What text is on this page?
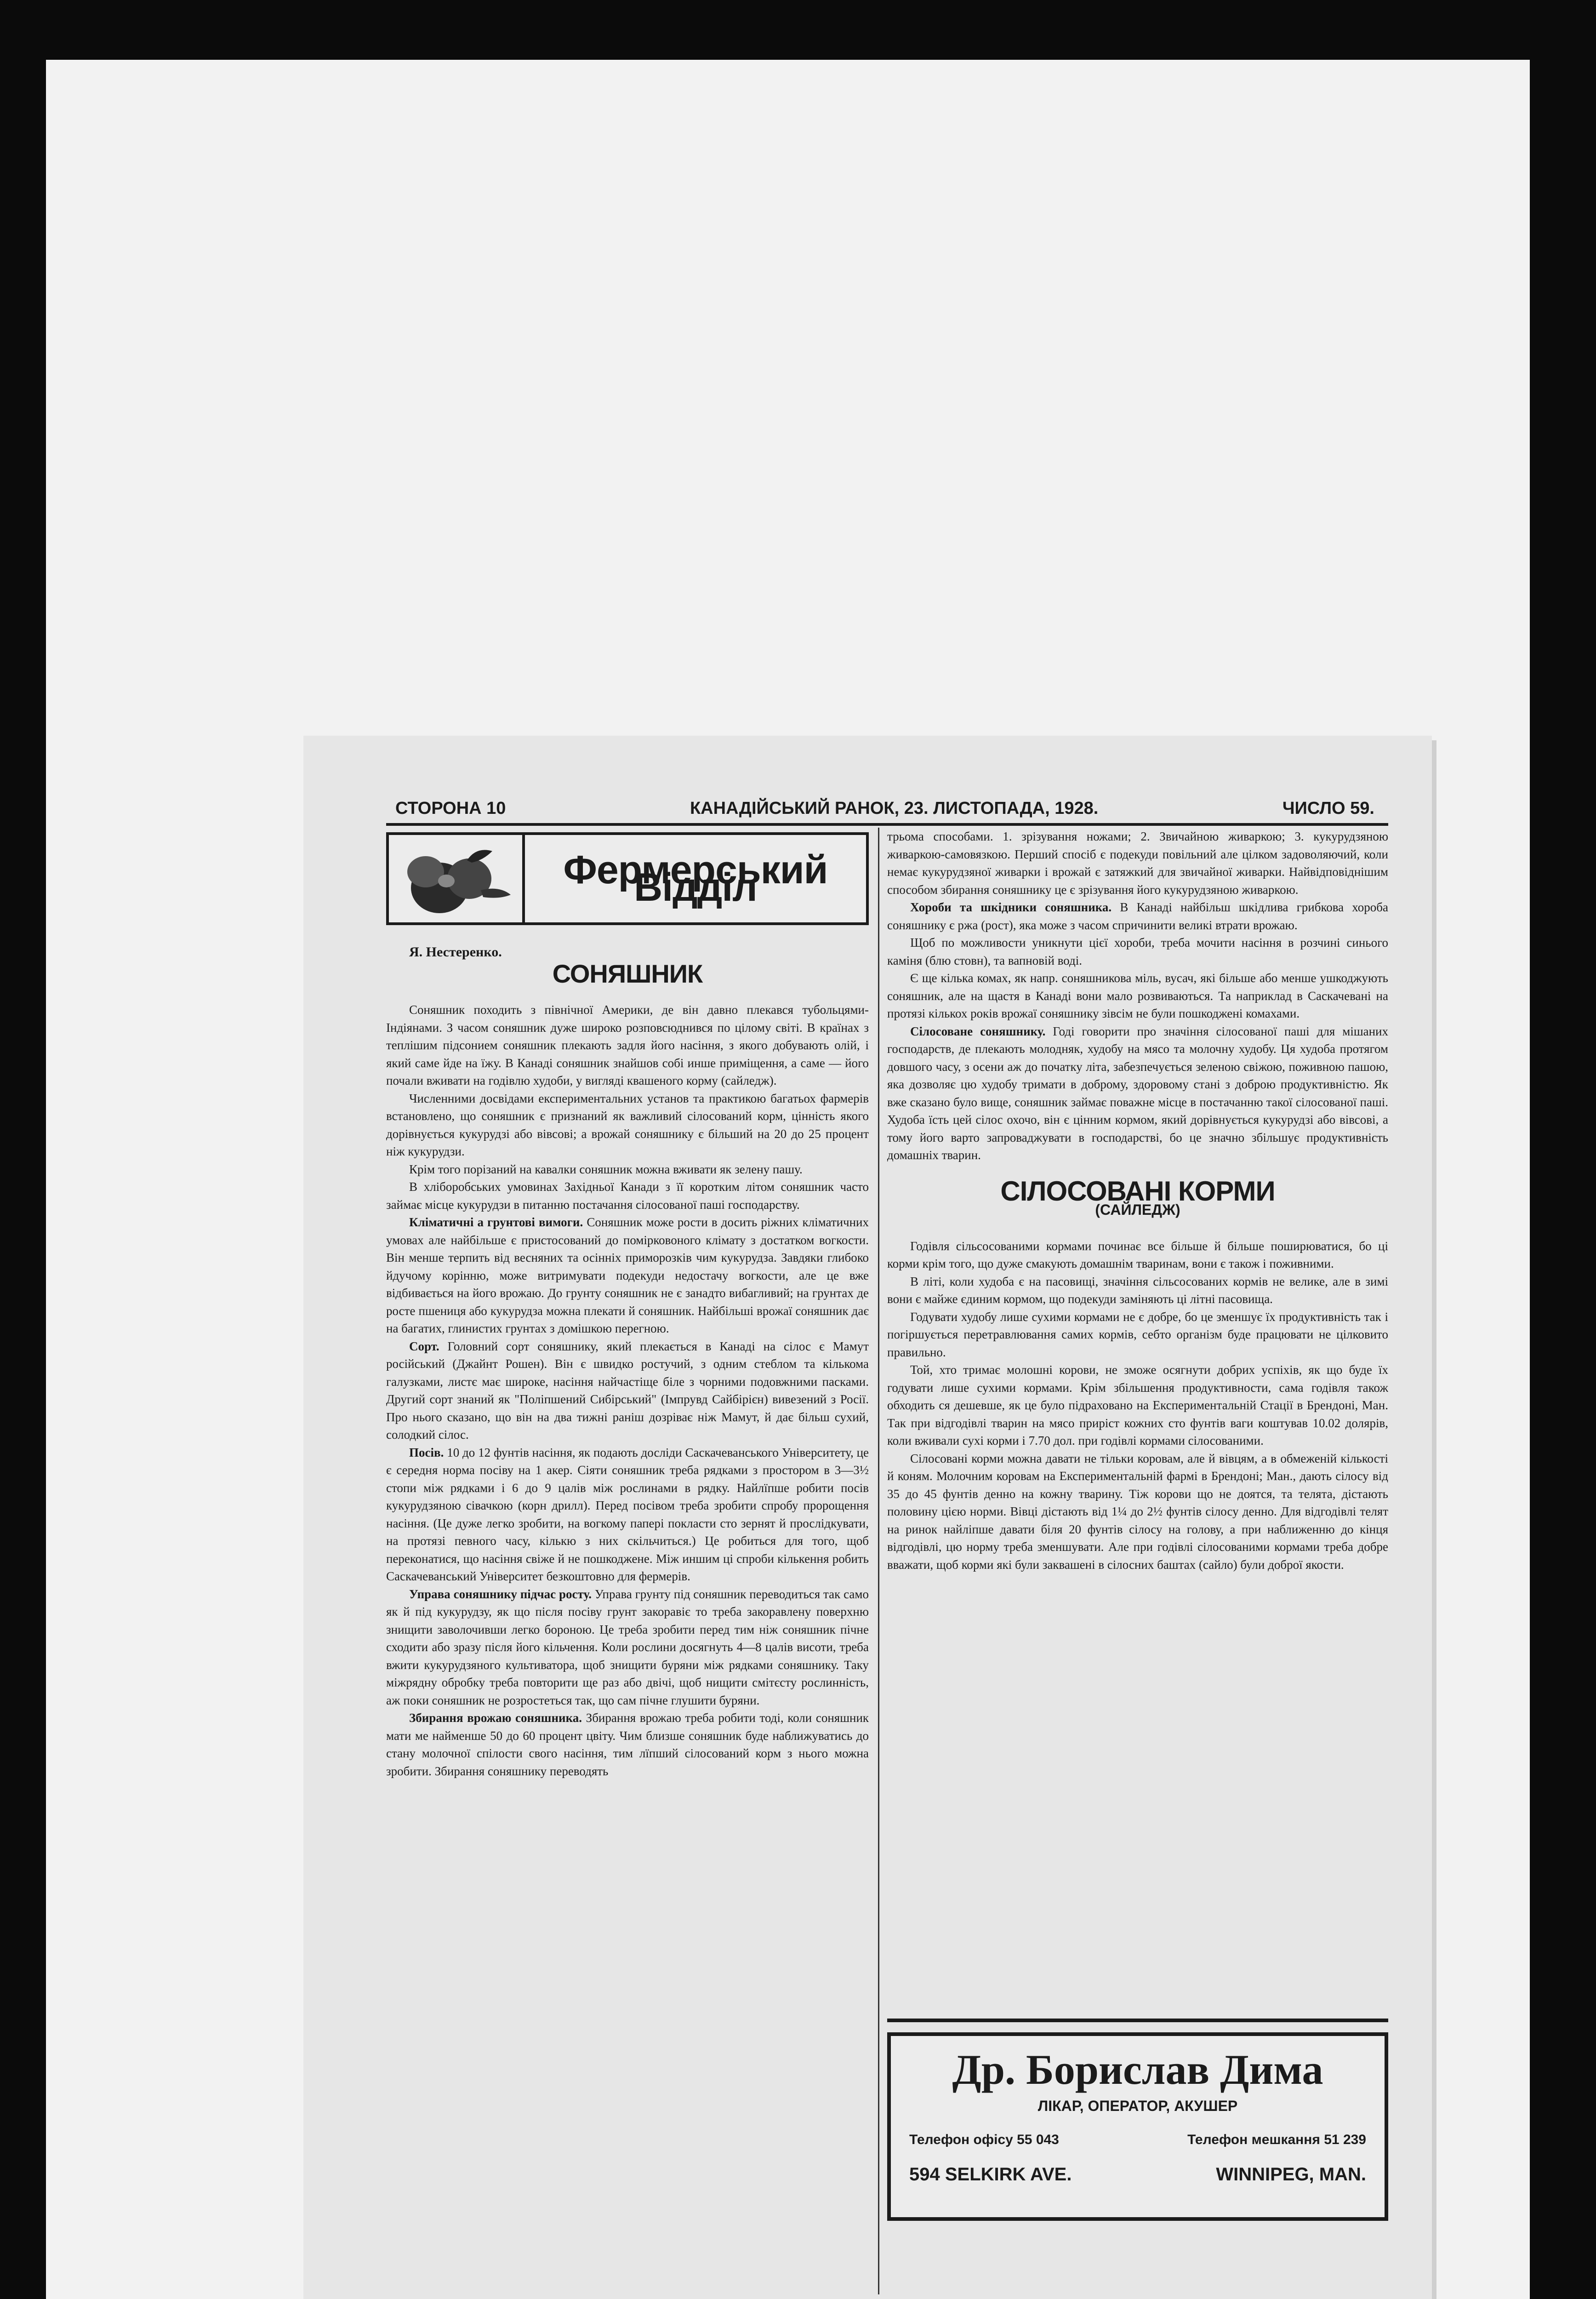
СТОРОНА 10	КАНАДІЙСЬКИЙ РАНОК, 23. ЛИСТОПАДА, 1928.	ЧИСЛО 59.
Фермерський Відділ

Я. Нестеренко.

СОНЯШНИК

Соняшник походить з північної Америки, де він давно плекався тубольцями-Індіянами. З часом соняшник дуже широко розповсюднився по цілому світі. В країнах з теплішим підсонием соняшник плекають задля його насіння, з якого добувають олій, і який саме йде на їжу. В Канаді соняшник знайшов собі инше приміщення, а саме — його почали вживати на годівлю худоби, у вигляді квашеного корму (сайледж).

Численними досвідами експериментальних установ та практикою багатьох фармерів встановлено, що соняшник є признаний як важливий сілосований корм, цінність якого дорівнується кукурудзі або вівсові; а врожай соняшнику є більший на 20 до 25 процент ніж кукурудзи.

Крім того порізаний на кавалки соняшник можна вживати як зелену пашу.

В хліборобських умовинах Західньої Канади з її коротким літом соняшник часто займає місце кукурудзи в питанню постачання сілосованої паші господарству.

Кліматичні а грунтові вимоги. Соняшник може рости в досить ріжних кліматичних умовах але найбільше є пристосований до помірковоного клімату з достатком вогкости. Він менше терпить від весняних та осінніх приморозків чим кукурудза. Завдяки глибоко йдучому корінню, може витримувати подекуди недостачу вогкости, але це вже відбивається на його врожаю. До грунту соняшник не є занадто вибагливий; на грунтах де росте пшениця або кукурудза можна плекати й соняшник. Найбільші врожаї соняшник дає на багатих, глинистих грунтах з домішкою перегною.

Сорт. Головний сорт соняшнику, який плекається в Канаді на сілос є Мамут російський (Джайнт Рошен). Він є швидко ростучий, з одним стеблом та кількома галузками, листє має широке, насіння найчастіще біле з чорними подовжними пасками. Другий сорт знаний як "Поліпшений Сибірський" (Імпрувд Сайбірієн) вивезений з Росії. Про нього сказано, що він на два тижні раніш дозріває ніж Мамут, й дає більш сухий, солодкий сілос.

Посів. 10 до 12 фунтів насіння, як подають досліди Саскачеванського Університету, це є середня норма посіву на 1 акер. Сіяти соняшник треба рядками з простором в 3—3½ стопи між рядками і 6 до 9 цалів між рослинами в рядку. Найлїпше робити посів кукурудзяною сівачкою (корн дрилл). Перед посівом треба зробити спробу пророщення насіння. (Це дуже легко зробити, на вогкому папері покласти сто зернят й прослідкувати, на протязі певного часу, кількю з них скільчиться.) Це робиться для того, щоб переконатися, що насіння свіже й не пошкоджене. Між иншим ці спроби кількення робить Саскачеванський Університет безкоштовно для фермерів.

Управа соняшнику підчас росту. Управа грунту під соняшник переводиться так само як й під кукурудзу, як що після посіву грунт закоравіє то треба закоравлену поверхню знищити заволочивши легко бороною. Це треба зробити перед тим ніж соняшник пічне сходити або зразу після його кільчення. Коли рослини досягнуть 4—8 цалів висоти, треба вжити кукурудзяного культиватора, щоб знищити буряни між рядками соняшнику. Таку міжрядну обробку треба повторити ще раз або двічі, щоб нищити смітєсту рослинність, аж поки соняшник не розростеться так, що сам пічне глушити буряни.

Збирання врожаю соняшника. Збирання врожаю треба робити тоді, коли соняшник мати ме найменше 50 до 60 процент цвіту. Чим близше соняшник буде наближуватись до стану молочної спілости свого насіння, тим лїпший сілосований корм з нього можна зробити. Збирання соняшнику переводять

трьома способами. 1. зрізування ножами; 2. Звичайною живаркою; 3. кукурудзяною живаркою-самовязкою. Перший спосіб є подекуди повільний але цілком задоволяючий, коли немає кукурудзяної живарки і врожай є затяжкий для звичайної живарки. Найвідповіднішим способом збирання соняшнику це є зрізування його кукурудзяною живаркою.

Хороби та шкідники соняшника. В Канаді найбільш шкідлива грибкова хороба соняшнику є ржа (рост), яка може з часом спричинити великі втрати врожаю.

Щоб по можливости уникнути цієї хороби, треба мочити насіння в розчині синього каміня (блю стовн), та вапновій воді.

Є ще кілька комах, як напр. соняшникова міль, вусач, які більше або менше ушкоджують соняшник, але на щастя в Канаді вони мало розвиваються. Та наприклад в Саскачевані на протязі кількох років врожаї соняшнику зівсім не були пошкоджені комахами.

Сілосоване соняшнику. Годі говорити про значіння сілосованої паші для мішаних господарств, де плекають молодняк, худобу на мясо та молочну худобу. Ця худоба протягом довшого часу, з осени аж до початку літа, забезпечується зеленою свіжою, поживною пашою, яка дозволяє цю худобу тримати в доброму, здоровому стані з доброю продуктивністю. Як вже сказано було вище, соняшник займає поважне місце в постачанню такої сілосованої паші. Худоба їсть цей сілос охочо, він є цінним кормом, який дорівнується кукурудзі або вівсові, а тому його варто запроваджувати в господарстві, бо це значно збільшує продуктивність домашніх тварин.

СІЛОСОВАНІ КОРМИ
(САЙЛЕДЖ)

Годівля сільсосованими кормами починає все більше й більше поширюватися, бо ці корми крім того, що дуже смакують домашнім тваринам, вони є також і поживними.

В літі, коли худоба є на пасовищі, значіння сільсосованих кормів не велике, але в зимі вони є майже єдиним кормом, що подекуди заміняють ці літні пасовища.

Годувати худобу лише сухими кормами не є добре, бо це зменшує їх продуктивність так і погіршується перетравлювання самих кормів, себто організм буде працювати не цілковито правильно.

Той, хто тримає молошні корови, не зможе осягнути добрих успіхів, як що буде їх годувати лише сухими кормами. Крім збільшення продуктивности, сама годівля також обходить ся дешевше, як це було підраховано на Експериментальній Стації в Брендоні, Ман. Так при відгодівлі тварин на мясо приріст кожних сто фунтів ваги коштував 10.02 долярів, коли вживали сухі корми і 7.70 дол. при годівлі кормами сілосованими.

Сілосовані корми можна давати не тільки коровам, але й вівцям, а в обмеженій кількості й коням. Молочним коровам на Експериментальній фармі в Брендоні; Ман., дають сілосу від 35 до 45 фунтів денно на кожну тварину. Тіж корови що не доятся, та телята, дістають половину цією норми. Вівці дістають від 1¼ до 2½ фунтів сілосу денно. Для відгодівлі телят на ринок найліпше давати біля 20 фунтів сілосу на голову, а при наближенню до кінця відгодівлі, цю норму треба зменшувати. Але при годівлі сілосованими кормами треба добре вважати, щоб корми які були заквашені в сілосних баштах (сайло) були доброї якости.

Др. Борислав Дима
ЛІКАР, ОПЕРАТОР, АКУШЕР
Телефон офісу 55 043	Телефон мешкання 51 239
594 SELKIRK AVE.	WINNIPEG, MAN.
